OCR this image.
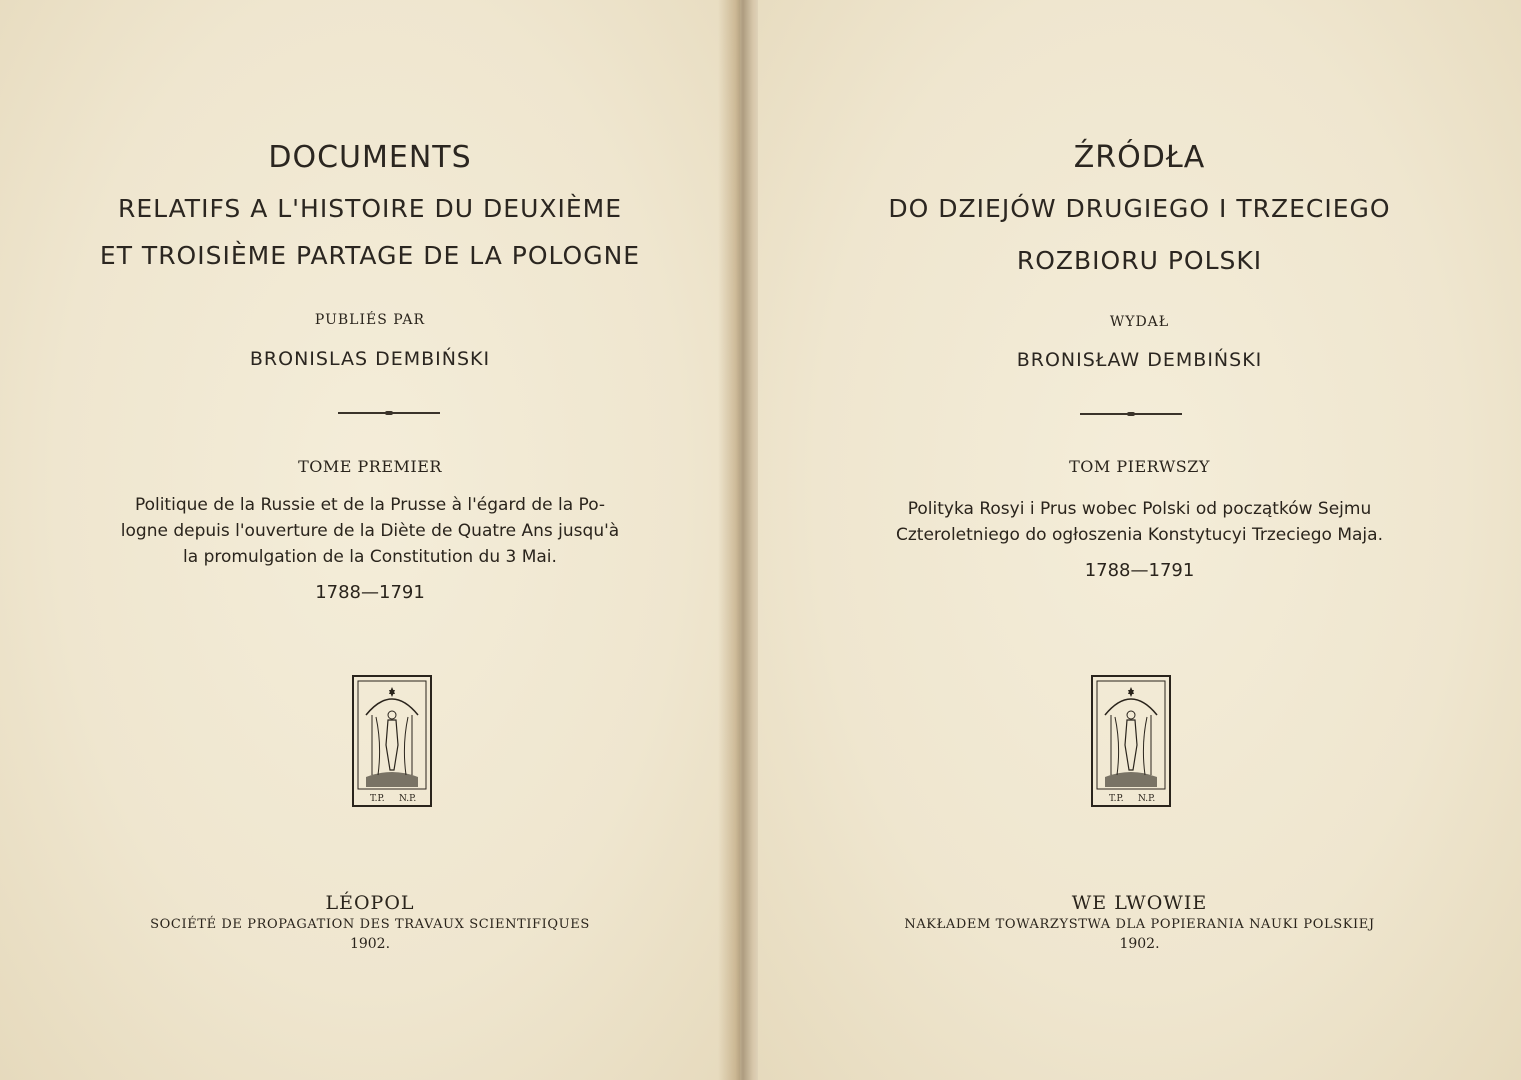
DOCUMENTS
RELATIFS A L'HISTOIRE DU DEUXIÈME
ET TROISIÈME PARTAGE DE LA POLOGNE
PUBLIÉS PAR
BRONISLAS DEMBIŃSKI
TOME PREMIER
Politique de la Russie et de la Prusse à l'égard de la Po-
logne depuis l'ouverture de la Diète de Quatre Ans jusqu'à
la promulgation de la Constitution du 3 Mai.
1788—1791
T.P. N.P.
LÉOPOL
SOCIÉTÉ DE PROPAGATION DES TRAVAUX SCIENTIFIQUES
1902.
ŹRÓDŁA
DO DZIEJÓW DRUGIEGO I TRZECIEGO
ROZBIORU POLSKI
WYDAŁ
BRONISŁAW DEMBIŃSKI
TOM PIERWSZY
Polityka Rosyi i Prus wobec Polski od początków Sejmu
Czteroletniego do ogłoszenia Konstytucyi Trzeciego Maja.
1788—1791
T.P. N.P.
WE LWOWIE
NAKŁADEM TOWARZYSTWA DLA POPIERANIA NAUKI POLSKIEJ
1902.
